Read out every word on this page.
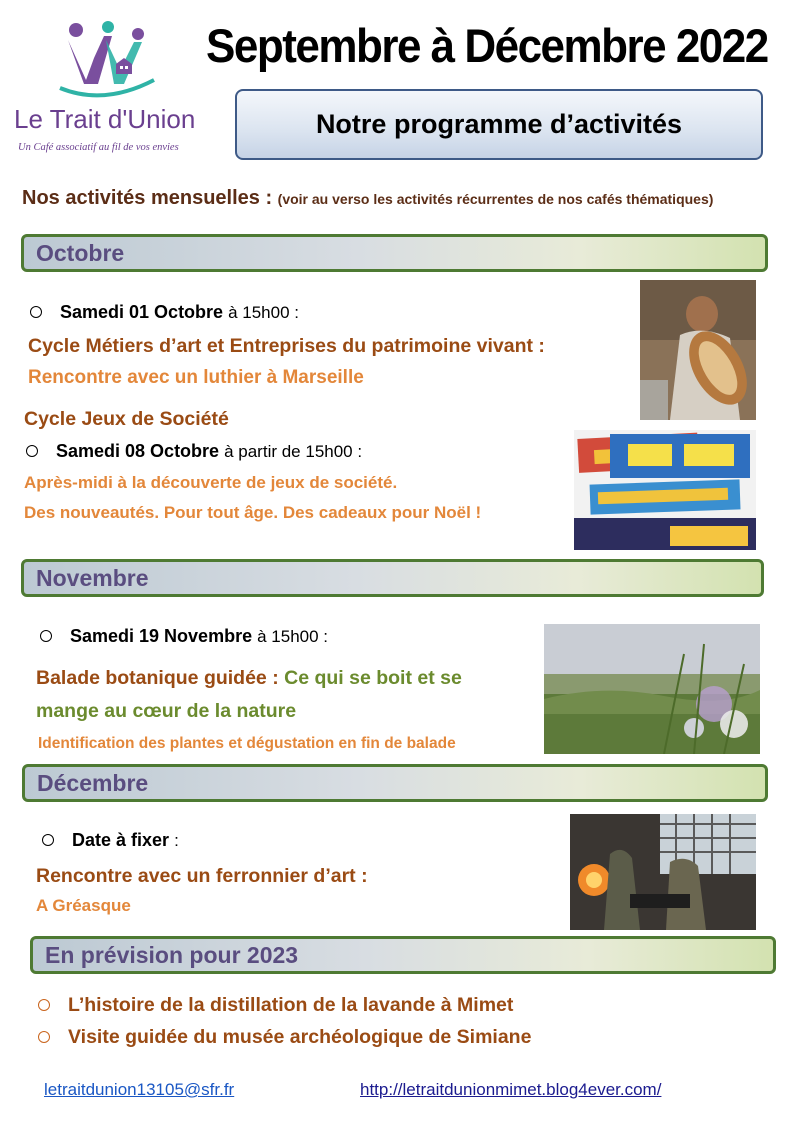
Le Trait d'Union
Un Café associatif au fil de vos envies
Septembre à Décembre 2022
Notre programme d’activités
Nos activités mensuelles : (voir au verso les activités récurrentes de nos cafés thématiques)
Octobre
Samedi 01 Octobre à 15h00 :
Cycle Métiers d’art et Entreprises du patrimoine vivant :
Rencontre avec un luthier à Marseille
Cycle Jeux de Société
Samedi 08 Octobre à partir de 15h00 :
Après-midi à la découverte de jeux de société.
Des nouveautés. Pour tout âge. Des cadeaux pour Noël !
Novembre
Samedi 19 Novembre à 15h00 :
Balade botanique guidée : Ce qui se boit et se
mange au cœur de la nature
Identification des plantes et dégustation en fin de balade
Décembre
Date à fixer :
Rencontre avec un ferronnier d’art :
A Gréasque
En prévision pour 2023
L’histoire de la distillation de la lavande à Mimet
Visite guidée du musée archéologique de Simiane
letraitdunion13105@sfr.fr	http://letraitdunionmimet.blog4ever.com/
